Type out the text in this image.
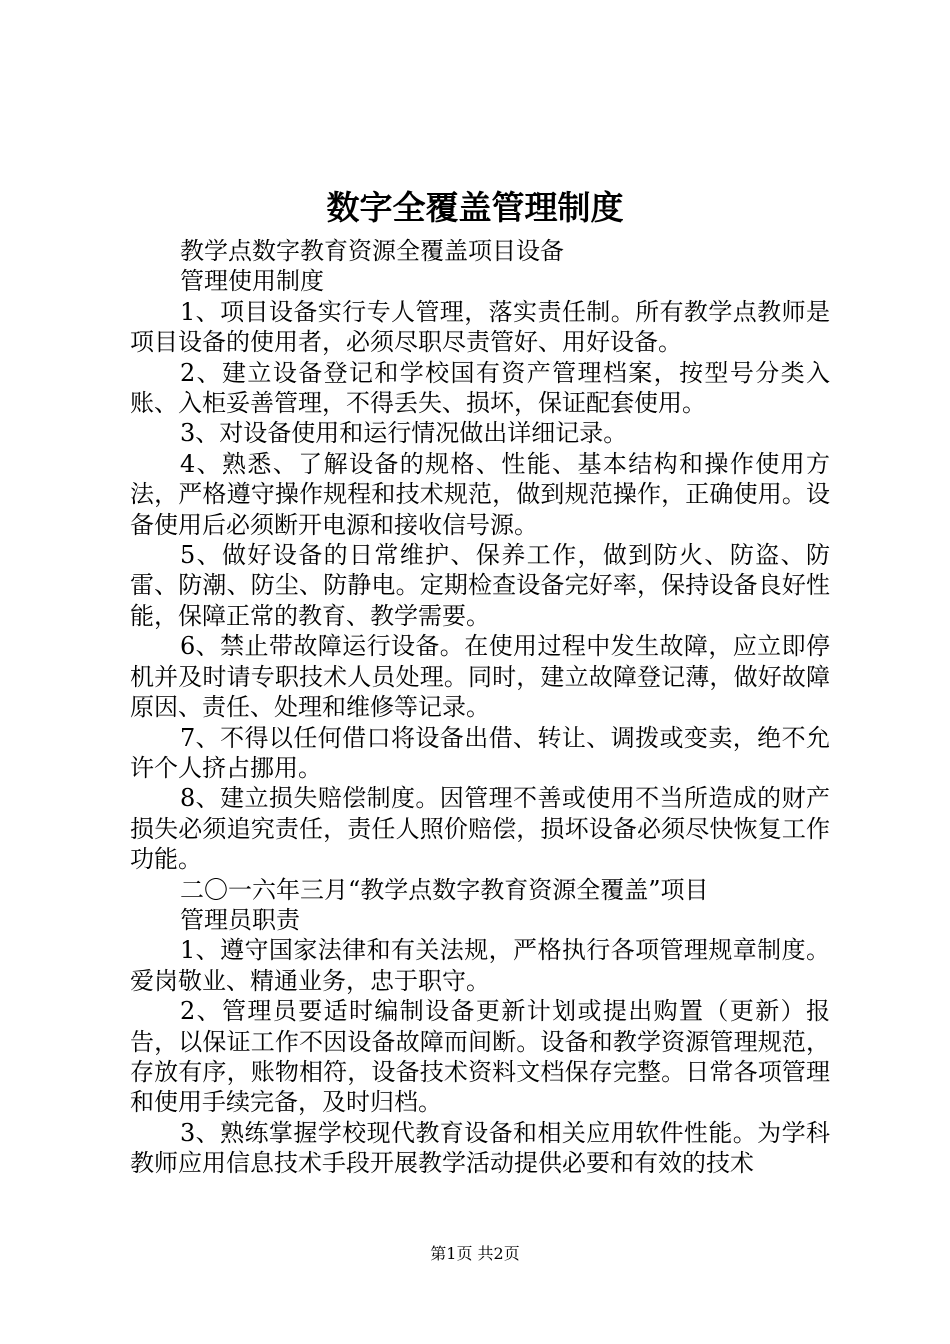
数字全覆盖管理制度

教学点数字教育资源全覆盖项目设备

管理使用制度

1、项目设备实行专人管理，落实责任制。所有教学点教师是项目设备的使用者，必须尽职尽责管好、用好设备。

2、建立设备登记和学校国有资产管理档案，按型号分类入账、入柜妥善管理，不得丢失、损坏，保证配套使用。

3、对设备使用和运行情况做出详细记录。

4、熟悉、了解设备的规格、性能、基本结构和操作使用方法，严格遵守操作规程和技术规范，做到规范操作，正确使用。设备使用后必须断开电源和接收信号源。

5、做好设备的日常维护、保养工作，做到防火、防盗、防雷、防潮、防尘、防静电。定期检查设备完好率，保持设备良好性能，保障正常的教育、教学需要。

6、禁止带故障运行设备。在使用过程中发生故障，应立即停机并及时请专职技术人员处理。同时，建立故障登记薄，做好故障原因、责任、处理和维修等记录。

7、不得以任何借口将设备出借、转让、调拨或变卖，绝不允许个人挤占挪用。

8、建立损失赔偿制度。因管理不善或使用不当所造成的财产损失必须追究责任，责任人照价赔偿，损坏设备必须尽快恢复工作功能。

二〇一六年三月“教学点数字教育资源全覆盖”项目

管理员职责

1、遵守国家法律和有关法规，严格执行各项管理规章制度。爱岗敬业、精通业务，忠于职守。

2、管理员要适时编制设备更新计划或提出购置（更新）报告，以保证工作不因设备故障而间断。设备和教学资源管理规范，存放有序，账物相符，设备技术资料文档保存完整。日常各项管理和使用手续完备，及时归档。

3、熟练掌握学校现代教育设备和相关应用软件性能。为学科教师应用信息技术手段开展教学活动提供必要和有效的技术

第1页 共2页
